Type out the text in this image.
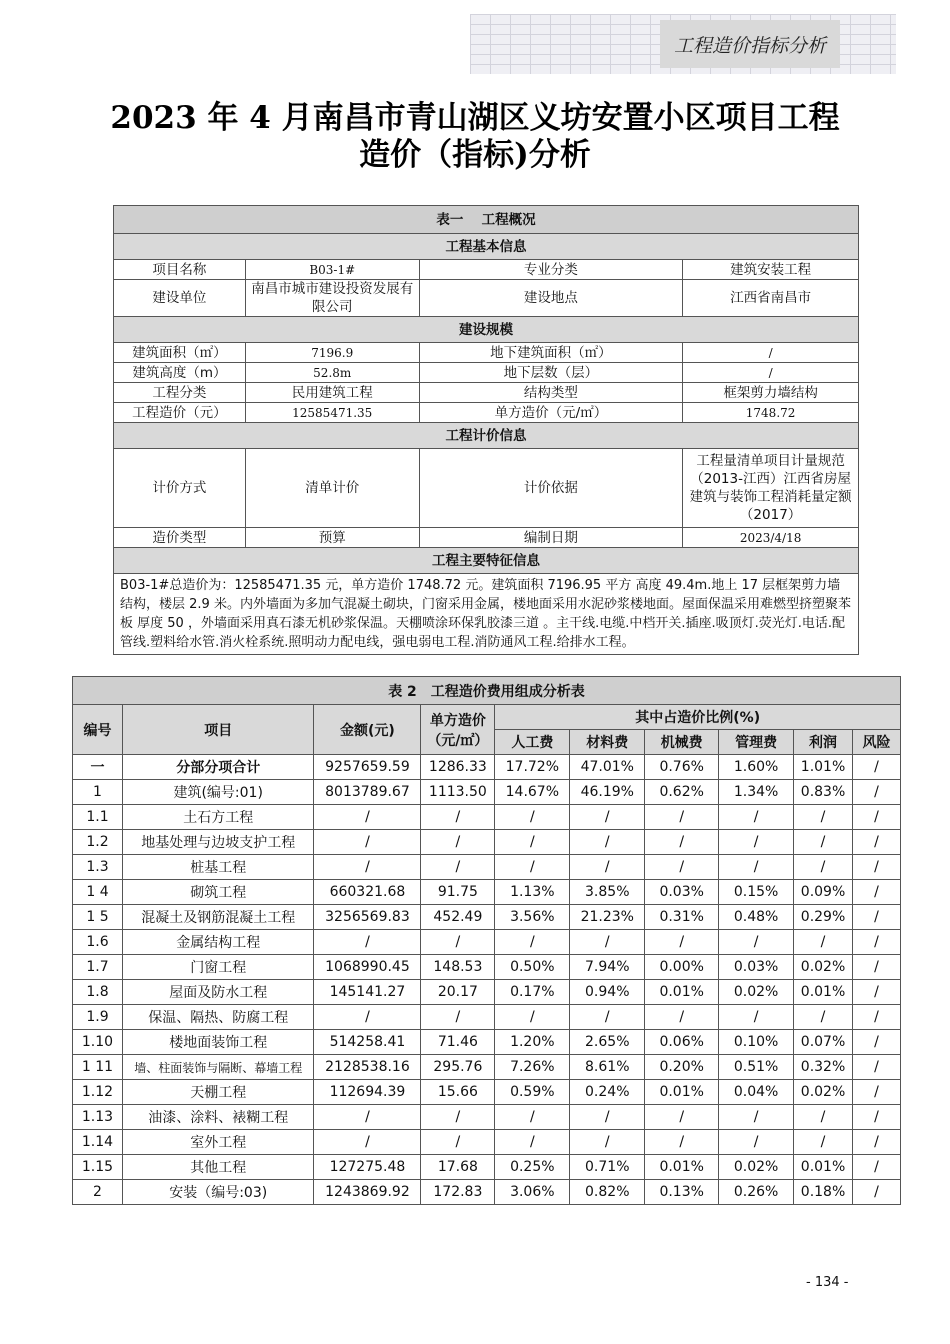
工程造价指标分析
2023 年 4 月南昌市青山湖区义坊安置小区项目工程
造价（指标)分析
表一　 工程概况			
工程基本信息			
项目名称	B03-1#	专业分类	建筑安装工程
建设单位	南昌市城市建设投资发展有限公司	建设地点	江西省南昌市
建设规模			
建筑面积（㎡）	7196.9	地下建筑面积（㎡）	/
建筑高度（m）	52.8m	地下层数（层）	/
工程分类	民用建筑工程	结构类型	框架剪力墙结构
工程造价（元）	12585471.35	单方造价（元/㎡）	1748.72
工程计价信息			
计价方式	清单计价	计价依据	工程量清单项目计量规范（2013-江西）江西省房屋建筑与装饰工程消耗量定额（2017）
造价类型	预算	编制日期	2023/4/18
工程主要特征信息			
B03-1#总造价为：12585471.35 元，单方造价 1748.72 元。建筑面积 7196.95 平方 高度 49.4m.地上 17 层框架剪力墙结构，楼层 2.9 米。内外墙面为多加气混凝土砌块，门窗采用金属，楼地面采用水泥砂浆楼地面。屋面保温采用难燃型挤塑聚苯板 厚度 50 ，外墙面采用真石漆无机砂浆保温。天棚喷涂环保乳胶漆三道 。主干线.电缆.中档开关.插座.吸顶灯.荧光灯.电话.配管线.塑料给水管.消火栓系统.照明动力配电线，强电弱电工程.消防通风工程.给排水工程。			
表 2　工程造价费用组成分析表									
编号	项目	金额(元)	单方造价（元/㎡）	其中占造价比例(%)					
				人工费	材料费	机械费	管理费	利润	风险
一	分部分项合计	9257659.59	1286.33	17.72%	47.01%	0.76%	1.60%	1.01%	/
1	建筑(编号:01)	8013789.67	1113.50	14.67%	46.19%	0.62%	1.34%	0.83%	/
1.1	土石方工程	/	/	/	/	/	/	/	/
1.2	地基处理与边坡支护工程	/	/	/	/	/	/	/	/
1.3	桩基工程	/	/	/	/	/	/	/	/
1 4	砌筑工程	660321.68	91.75	1.13%	3.85%	0.03%	0.15%	0.09%	/
1 5	混凝土及钢筋混凝土工程	3256569.83	452.49	3.56%	21.23%	0.31%	0.48%	0.29%	/
1.6	金属结构工程	/	/	/	/	/	/	/	/
1.7	门窗工程	1068990.45	148.53	0.50%	7.94%	0.00%	0.03%	0.02%	/
1.8	屋面及防水工程	145141.27	20.17	0.17%	0.94%	0.01%	0.02%	0.01%	/
1.9	保温、隔热、防腐工程	/	/	/	/	/	/	/	/
1.10	楼地面装饰工程	514258.41	71.46	1.20%	2.65%	0.06%	0.10%	0.07%	/
1 11	墙、柱面装饰与隔断、幕墙工程	2128538.16	295.76	7.26%	8.61%	0.20%	0.51%	0.32%	/
1.12	天棚工程	112694.39	15.66	0.59%	0.24%	0.01%	0.04%	0.02%	/
1.13	油漆、涂料、裱糊工程	/	/	/	/	/	/	/	/
1.14	室外工程	/	/	/	/	/	/	/	/
1.15	其他工程	127275.48	17.68	0.25%	0.71%	0.01%	0.02%	0.01%	/
2	安装（编号:03)	1243869.92	172.83	3.06%	0.82%	0.13%	0.26%	0.18%	/
- 134 -
